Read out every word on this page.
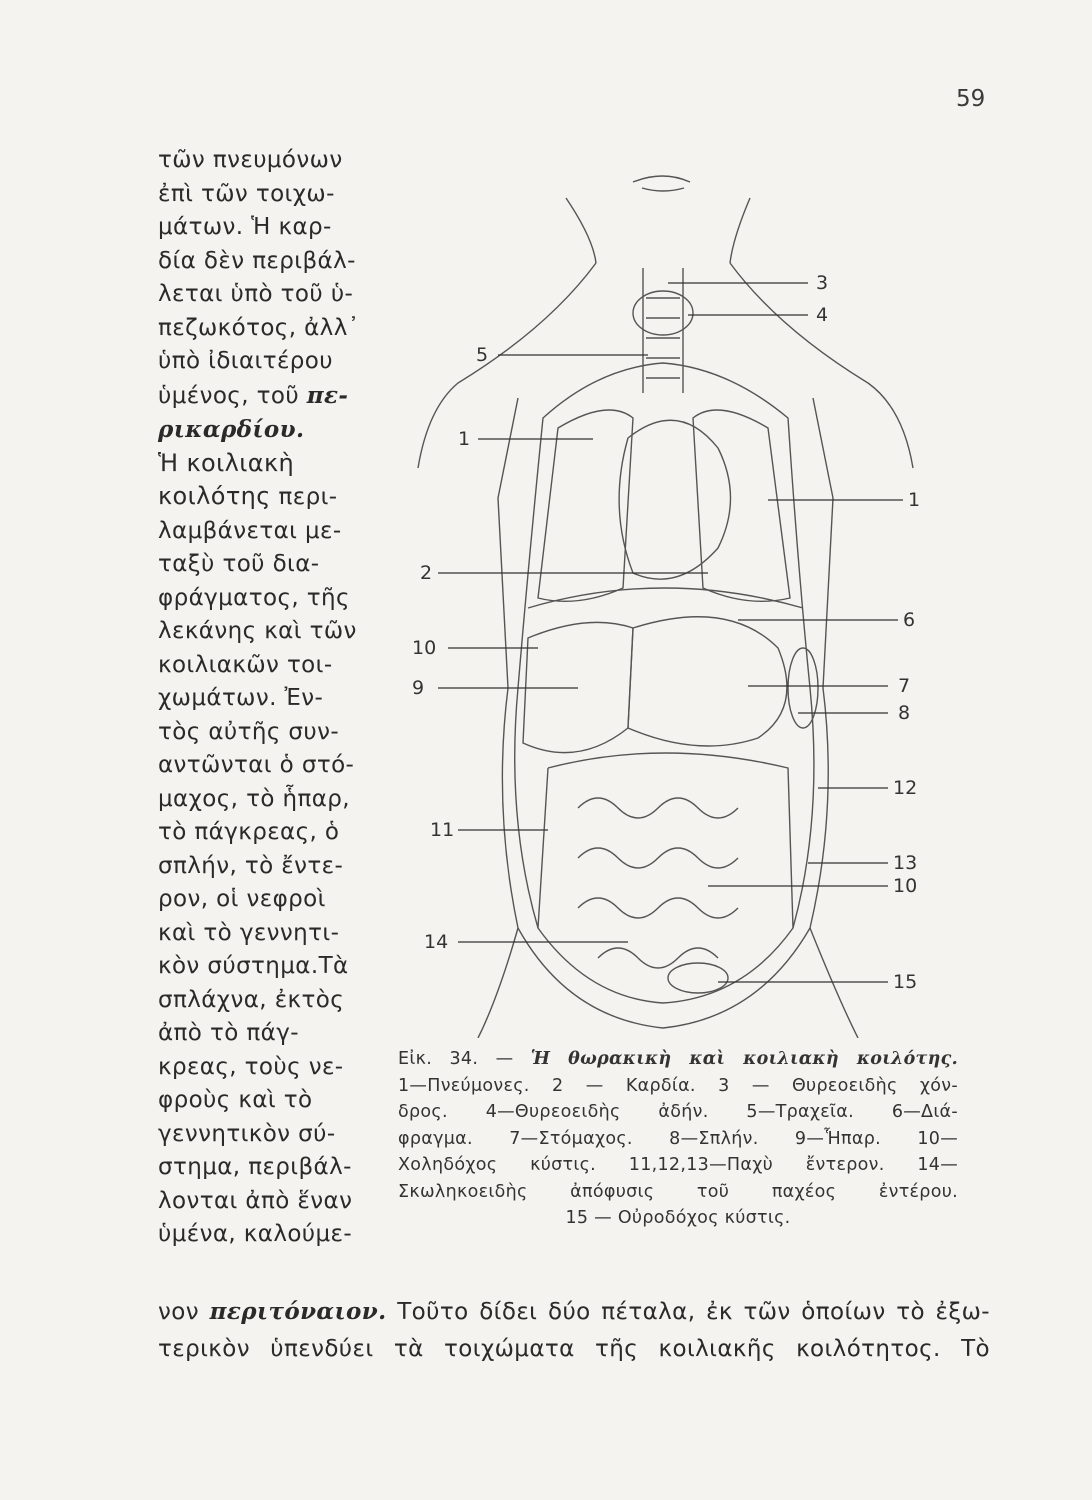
59
τῶν πνευμόνων
ἐπὶ τῶν τοιχω-
μάτων. Ἡ καρ-
δία δὲν περιβάλ-
λεται ὑπὸ τοῦ ὑ-
πεζωκότος, ἀλλ᾿
ὑπὸ ἰδιαιτέρου
ὑμένος, τοῦ πε-
ρικαρδίου.
Ἡ κοιλιακὴ
κοιλότης περι-
λαμβάνεται με-
ταξὺ τοῦ δια-
φράγματος, τῆς
λεκάνης καὶ τῶν
κοιλιακῶν τοι-
χωμάτων. Ἐν-
τὸς αὐτῆς συν-
αντῶνται ὁ στό-
μαχος, τὸ ἧπαρ,
τὸ πάγκρεας, ὁ
σπλήν, τὸ ἔντε-
ρον, οἱ νεφροὶ
καὶ τὸ γεννητι-
κὸν σύστημα.Τὰ
σπλάχνα, ἐκτὸς
ἀπὸ τὸ πάγ-
κρεας, τοὺς νε-
φροὺς καὶ τὸ
γεννητικὸν σύ-
στημα, περιβάλ-
λονται ἀπὸ ἕναν
ὑμένα, καλούμε-
3
4
5
1
1
2
6
10
9	7
8
12
11
13
10
14
15
Εἰκ. 34. — Ἡ θωρακικὴ καὶ κοιλιακὴ κοιλότης.
1—Πνεύμονες. 2 — Καρδία. 3 — Θυρεοειδὴς χόν-
δρος. 4—Θυρεοειδὴς ἀδήν. 5—Τραχεῖα. 6—Διά-
φραγμα. 7—Στόμαχος. 8—Σπλήν. 9—Ἧπαρ. 10—
Χοληδόχος κύστις. 11,12,13—Παχὺ ἔντερον. 14—
Σκωληκοειδὴς ἀπόφυσις τοῦ παχέος ἐντέρου.
15 — Οὐροδόχος κύστις.
νον περιτόναιον. Τοῦτο δίδει δύο πέταλα, ἐκ τῶν ὁποίων τὸ ἐξω-
τερικὸν ὑπενδύει τὰ τοιχώματα τῆς κοιλιακῆς κοιλότητος. Τὸ
